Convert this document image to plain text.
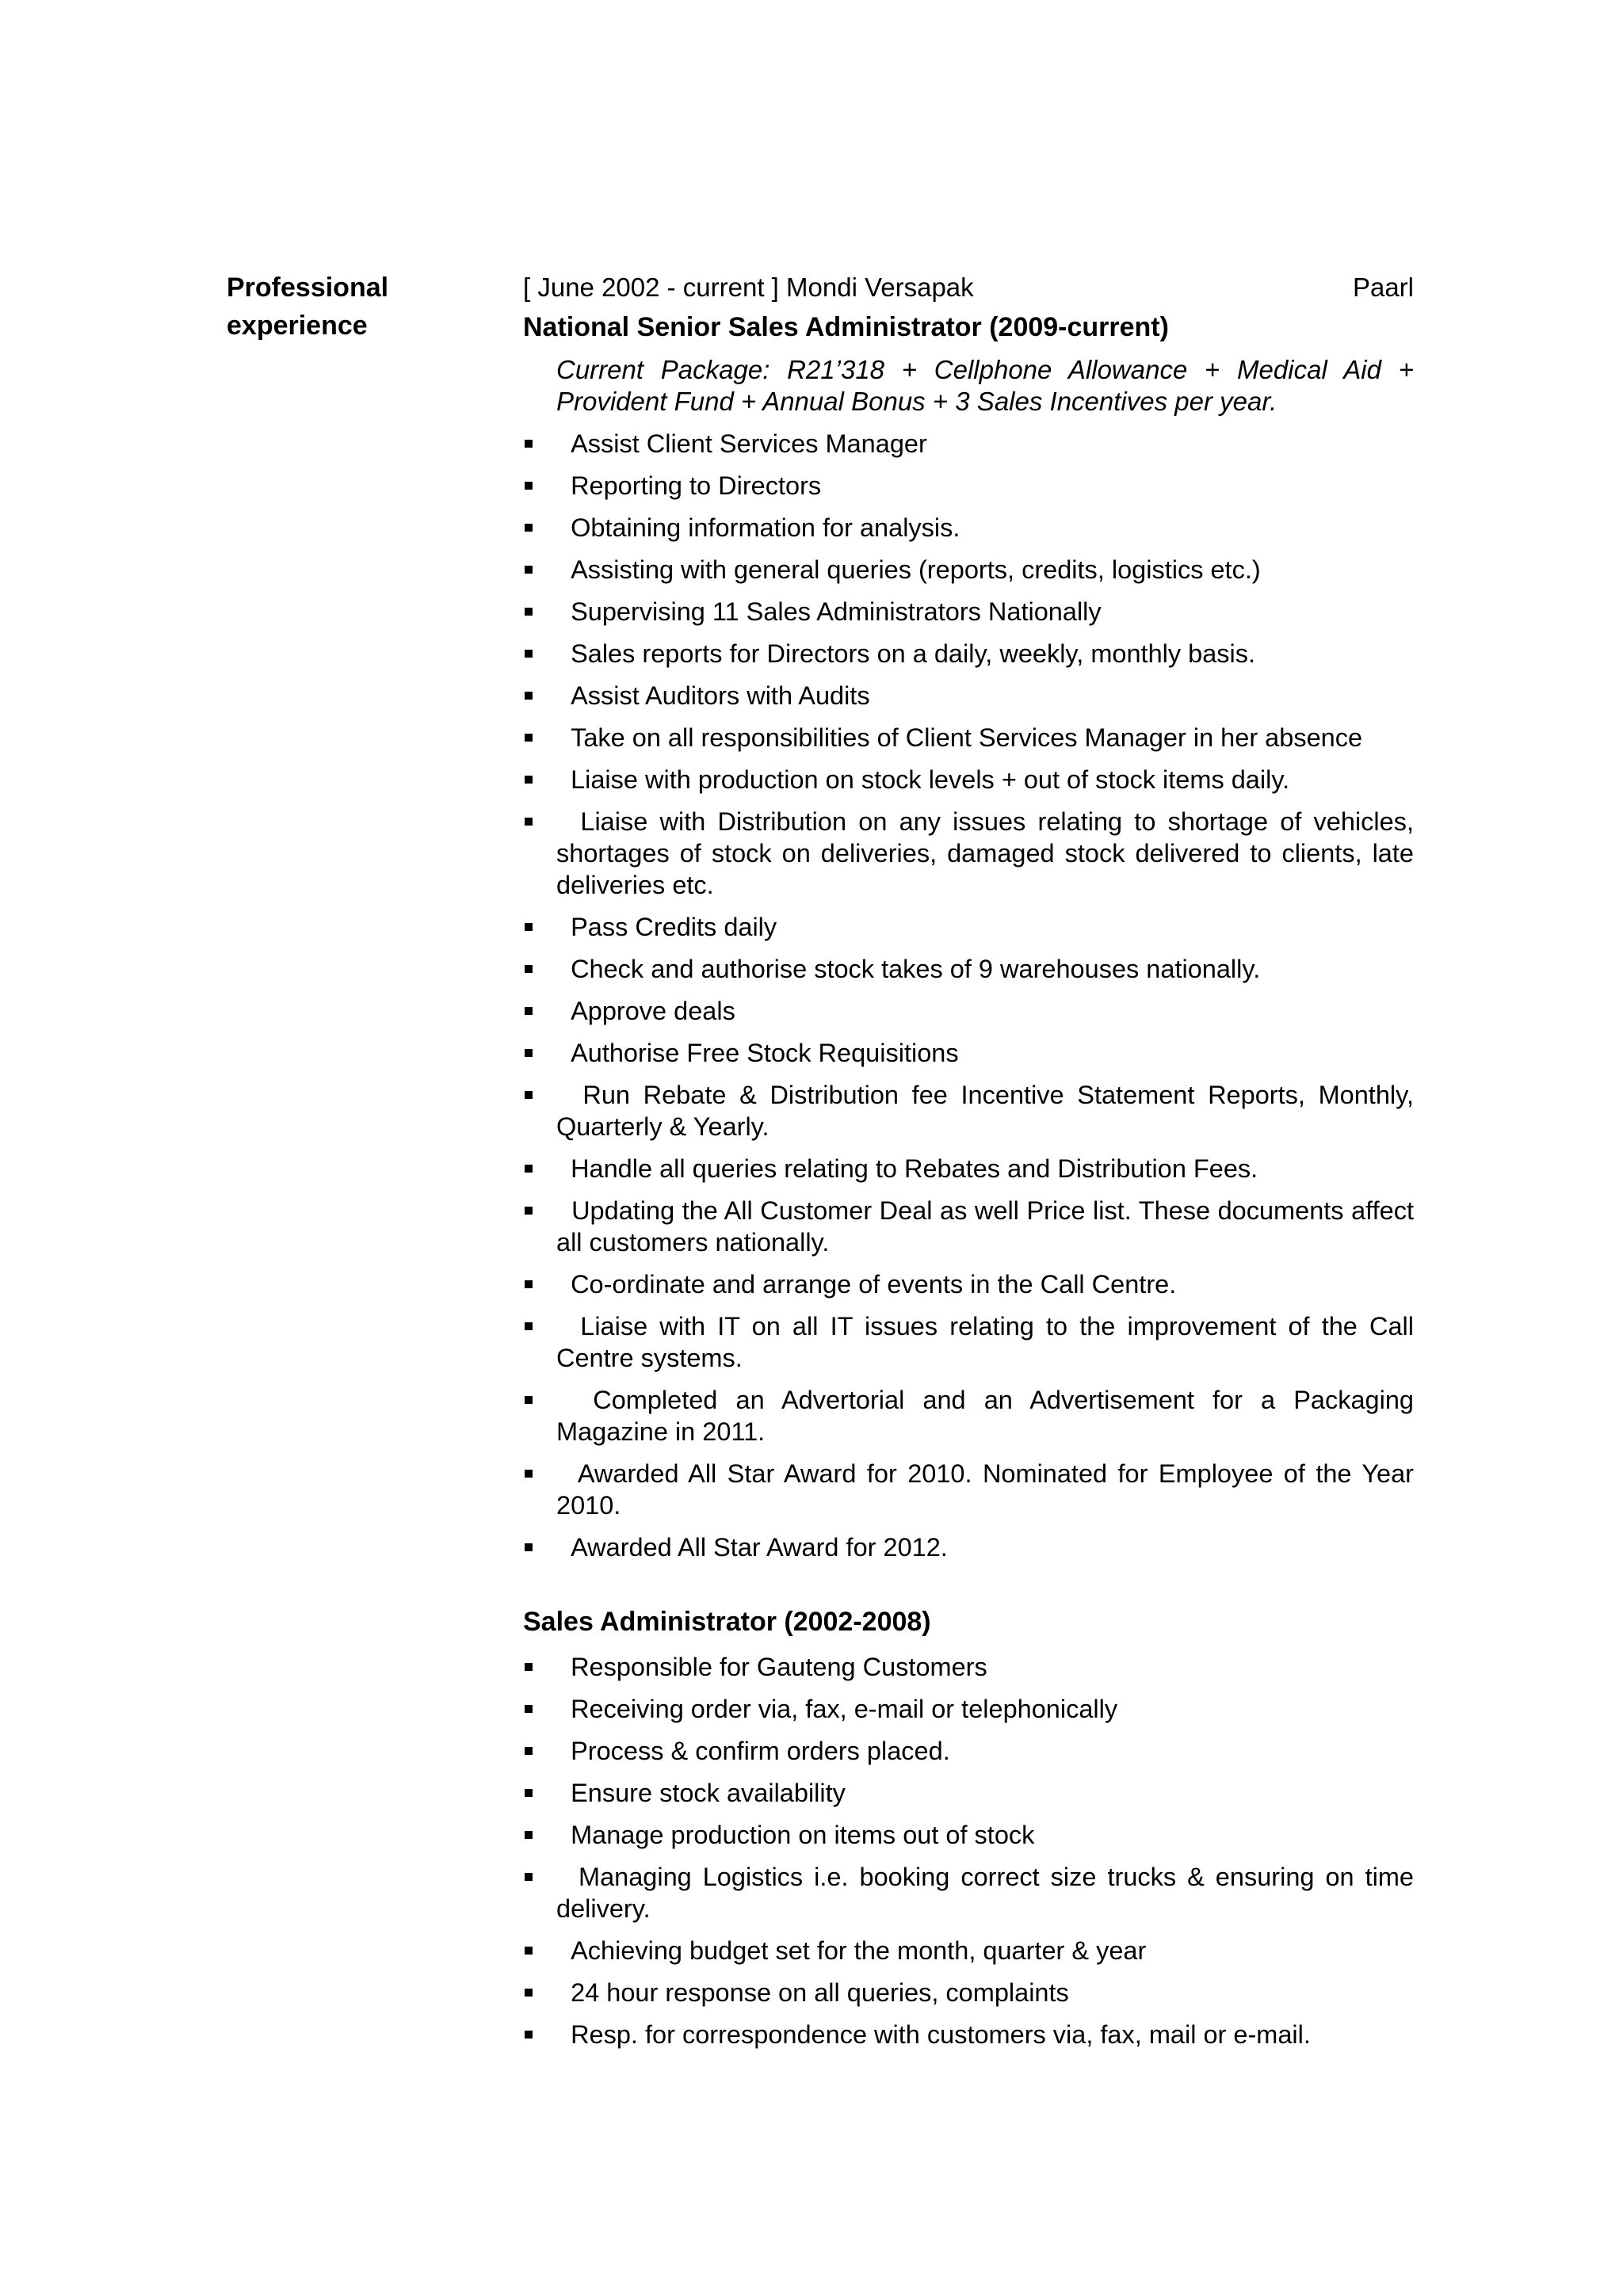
Professional
experience
[ June 2002 - current ] Mondi Versapak	Paarl
National Senior Sales Administrator (2009-current)
Current Package: R21’318 + Cellphone Allowance + Medical Aid + Provident Fund + Annual Bonus + 3 Sales Incentives per year.
Assist Client Services Manager
Reporting to Directors
Obtaining information for analysis.
Assisting with general queries (reports, credits, logistics etc.)
Supervising 11 Sales Administrators Nationally
Sales reports for Directors on a daily, weekly, monthly basis.
Assist Auditors with Audits
Take on all responsibilities of Client Services Manager in her absence
Liaise with production on stock levels + out of stock items daily.
Liaise with Distribution on any issues relating to shortage of vehicles, shortages of stock on deliveries, damaged stock delivered to clients, late deliveries etc.
Pass Credits daily
Check and authorise stock takes of 9 warehouses nationally.
Approve deals
Authorise Free Stock Requisitions
Run Rebate & Distribution fee Incentive Statement Reports, Monthly, Quarterly & Yearly.
Handle all queries relating to Rebates and Distribution Fees.
Updating the All Customer Deal as well Price list. These documents affect all customers nationally.
Co-ordinate and arrange of events in the Call Centre.
Liaise with IT on all IT issues relating to the improvement of the Call Centre systems.
Completed an Advertorial and an Advertisement for a Packaging Magazine in 2011.
Awarded All Star Award for 2010. Nominated for Employee of the Year 2010.
Awarded All Star Award for 2012.
Sales Administrator (2002-2008)
Responsible for Gauteng Customers
Receiving order via, fax, e-mail or telephonically
Process & confirm orders placed.
Ensure stock availability
Manage production on items out of stock
Managing Logistics i.e. booking correct size trucks & ensuring on time delivery.
Achieving budget set for the month, quarter & year
24 hour response on all queries, complaints
Resp. for correspondence with customers via, fax, mail or e-mail.
